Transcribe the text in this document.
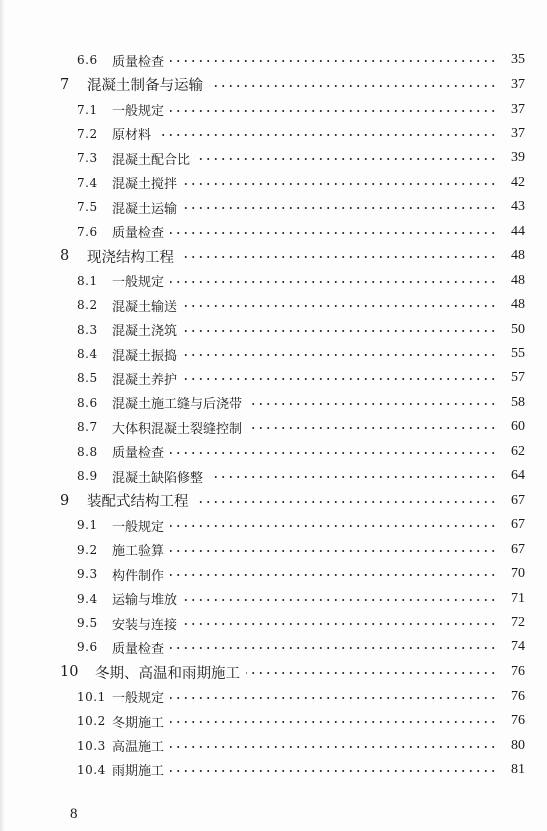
6.6 质量检查	35
7 混凝土制备与运输	37
7.1 一般规定	37
7.2 原材料	37
7.3 混凝土配合比	39
7.4 混凝土搅拌	42
7.5 混凝土运输	43
7.6 质量检查	44
8 现浇结构工程	48
8.1 一般规定	48
8.2 混凝土输送	48
8.3 混凝土浇筑	50
8.4 混凝土振捣	55
8.5 混凝土养护	57
8.6 混凝土施工缝与后浇带	58
8.7 大体积混凝土裂缝控制	60
8.8 质量检查	62
8.9 混凝土缺陷修整	64
9 装配式结构工程	67
9.1 一般规定	67
9.2 施工验算	67
9.3 构件制作	70
9.4 运输与堆放	71
9.5 安装与连接	72
9.6 质量检查	74
10 冬期、高温和雨期施工	76
10.1 一般规定	76
10.2 冬期施工	76
10.3 高温施工	80
10.4 雨期施工	81
8
